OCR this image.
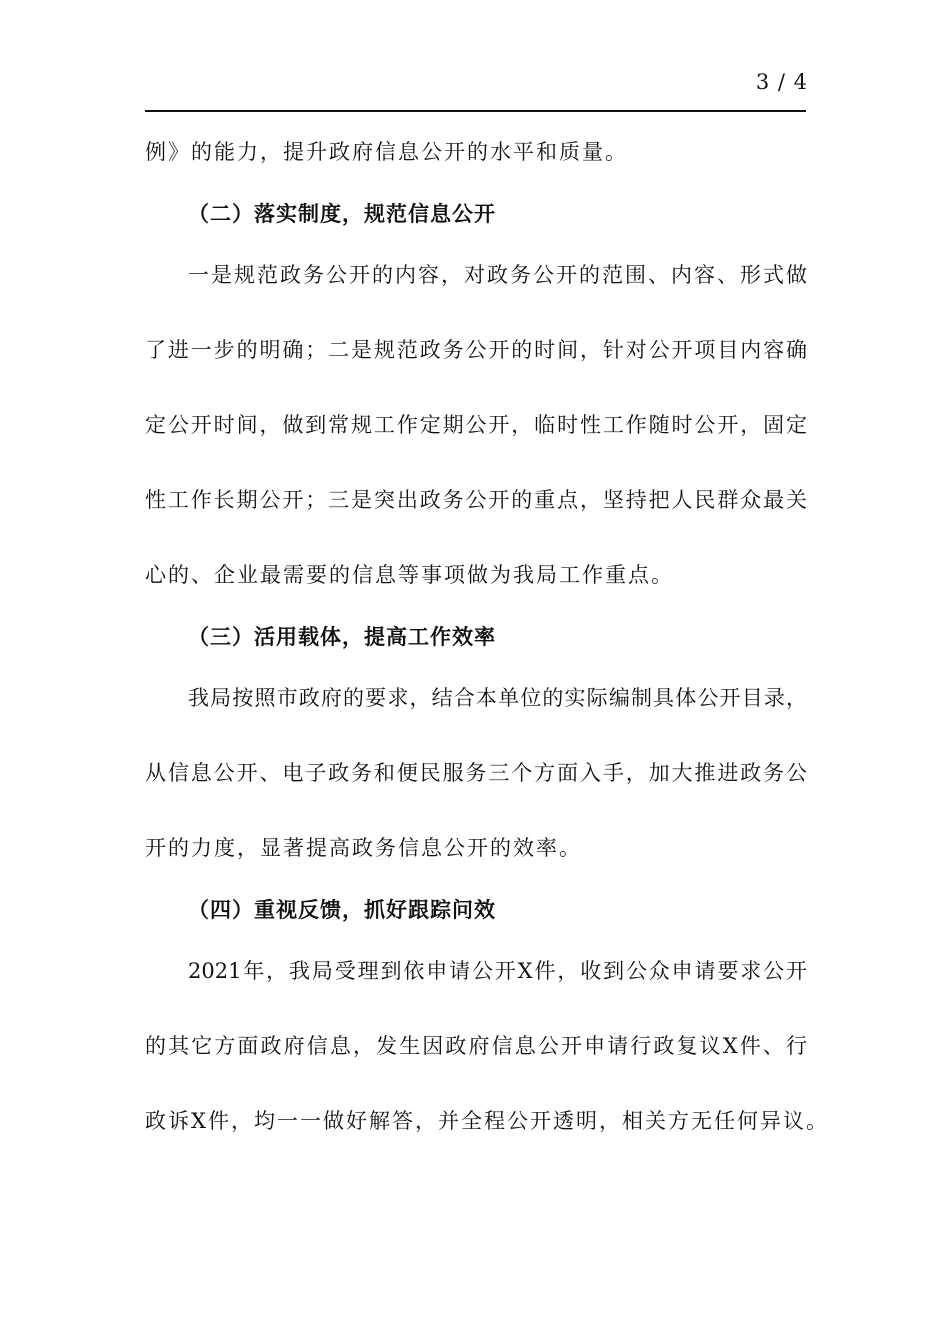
3 / 4
例》的能力，提升政府信息公开的水平和质量。
（二）落实制度，规范信息公开
一是规范政务公开的内容，对政务公开的范围、内容、形式做
了进一步的明确；二是规范政务公开的时间，针对公开项目内容确
定公开时间，做到常规工作定期公开，临时性工作随时公开，固定
性工作长期公开；三是突出政务公开的重点，坚持把人民群众最关
心的、企业最需要的信息等事项做为我局工作重点。
（三）活用载体，提高工作效率
我局按照市政府的要求，结合本单位的实际编制具体公开目录，
从信息公开、电子政务和便民服务三个方面入手，加大推进政务公
开的力度，显著提高政务信息公开的效率。
（四）重视反馈，抓好跟踪问效
2021年，我局受理到依申请公开X件，收到公众申请要求公开
的其它方面政府信息，发生因政府信息公开申请行政复议X件、行
政诉X件，均一一做好解答，并全程公开透明，相关方无任何异议。
